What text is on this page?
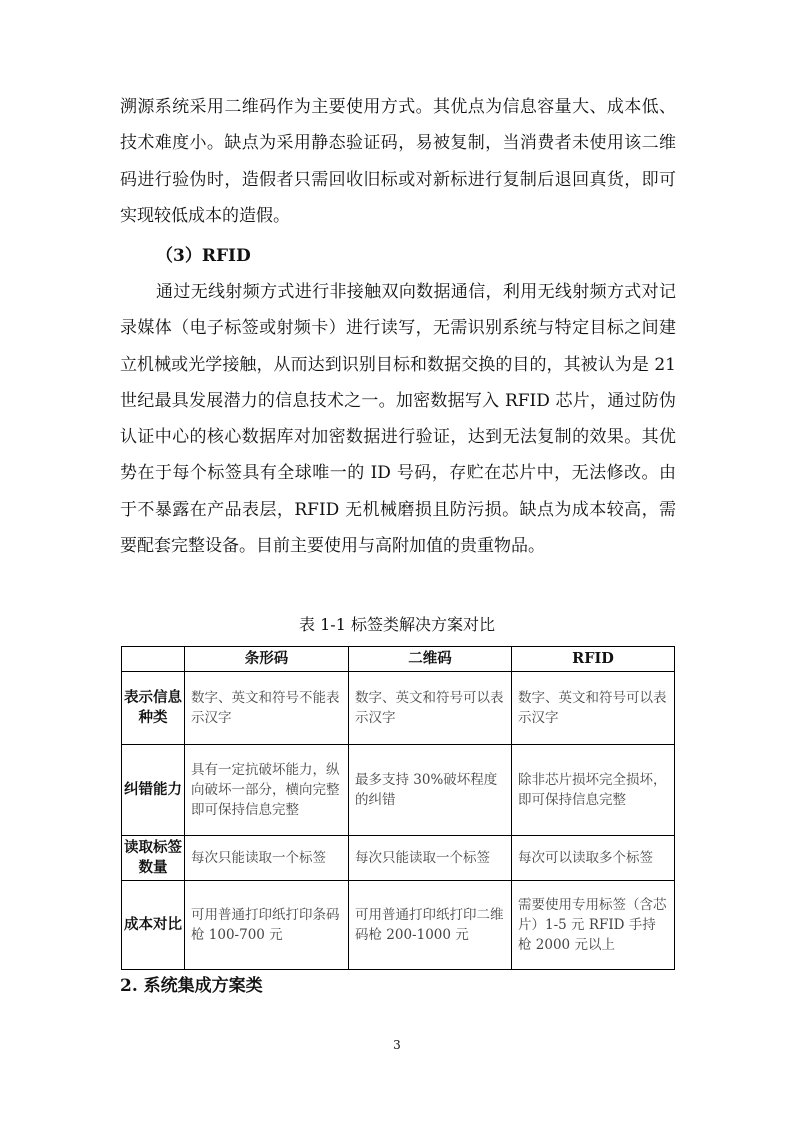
溯源系统采用二维码作为主要使用方式。其优点为信息容量大、成本低、技术难度小。缺点为采用静态验证码，易被复制，当消费者未使用该二维码进行验伪时，造假者只需回收旧标或对新标进行复制后退回真货，即可实现较低成本的造假。

（3）RFID

通过无线射频方式进行非接触双向数据通信，利用无线射频方式对记录媒体（电子标签或射频卡）进行读写，无需识别系统与特定目标之间建立机械或光学接触，从而达到识别目标和数据交换的目的，其被认为是 21 世纪最具发展潜力的信息技术之一。加密数据写入 RFID 芯片，通过防伪认证中心的核心数据库对加密数据进行验证，达到无法复制的效果。其优势在于每个标签具有全球唯一的 ID 号码，存贮在芯片中，无法修改。由于不暴露在产品表层，RFID 无机械磨损且防污损。缺点为成本较高，需要配套完整设备。目前主要使用与高附加值的贵重物品。

表 1-1 标签类解决方案对比

	条形码	二维码	RFID
表示信息种类	数字、英文和符号不能表示汉字	数字、英文和符号可以表示汉字	数字、英文和符号可以表示汉字
纠错能力	具有一定抗破坏能力，纵向破坏一部分，横向完整即可保持信息完整	最多支持 30%破坏程度的纠错	除非芯片损坏完全损坏，即可保持信息完整
读取标签数量	每次只能读取一个标签	每次只能读取一个标签	每次可以读取多个标签
成本对比	可用普通打印纸打印条码枪 100-700 元	可用普通打印纸打印二维码枪 200-1000 元	需要使用专用标签（含芯片）1-5 元 RFID 手持枪 2000 元以上

2. 系统集成方案类

3
